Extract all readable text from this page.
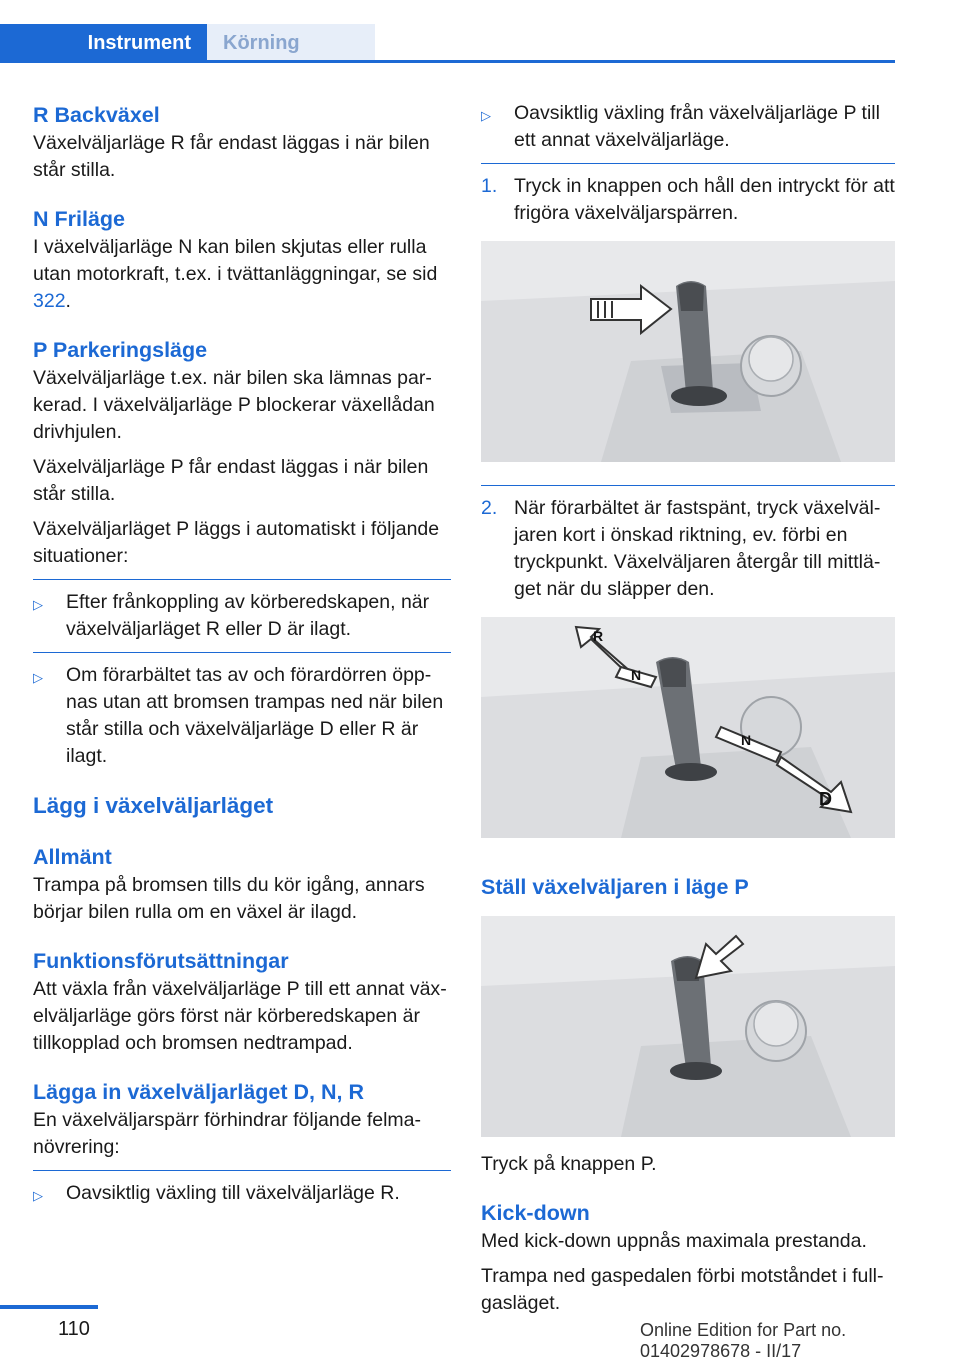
Instrument	Körning
R Backväxel

Växelväljarläge R får endast läggas i när bilen står stilla.

N Friläge

I växelväljarläge N kan bilen skjutas eller rulla utan motorkraft, t.ex. i tvättanläggningar, se sid 322.

P Parkeringsläge

Växelväljarläge t.ex. när bilen ska lämnas parkerad. I växelväljarläge P blockerar växellådan drivhjulen.

Växelväljarläge P får endast läggas i när bilen står stilla.

Växelväljarläget P läggs i automatiskt i följande situationer:

▷	Efter frånkoppling av körberedskapen, när växelväljarläget R eller D är ilagt.
▷	Om förarbältet tas av och förardörren öppnas utan att bromsen trampas ned när bilen står stilla och växelväljarläge D eller R är ilagt.
Lägg i växelväljarläget
Allmänt

Trampa på bromsen tills du kör igång, annars börjar bilen rulla om en växel är ilagd.

Funktionsförutsättningar

Att växla från växelväljarläge P till ett annat växelväljarläge görs först när körberedskapen är tillkopplad och bromsen nedtrampad.

Lägga in växelväljarläget D, N, R

En växelväljarspärr förhindrar följande felmanövrering:

▷	Oavsiktlig växling till växelväljarläge R.
▷	Oavsiktlig växling från växelväljarläge P till ett annat växelväljarläge.
1. Tryck in knappen och håll den intryckt för att frigöra växelväljarspärren.
2. När förarbältet är fastspänt, tryck växelväljaren kort i önskad riktning, ev. förbi en tryckpunkt. Växelväljaren återgår till mittläget när du släpper den.
R
N
N
D
Ställ växelväljaren i läge P

Tryck på knappen P.

Kick-down

Med kick-down uppnås maximala prestanda.

Trampa ned gaspedalen förbi motståndet i fullgasläget.

110	Online Edition for Part no. 01402978678 - II/17
